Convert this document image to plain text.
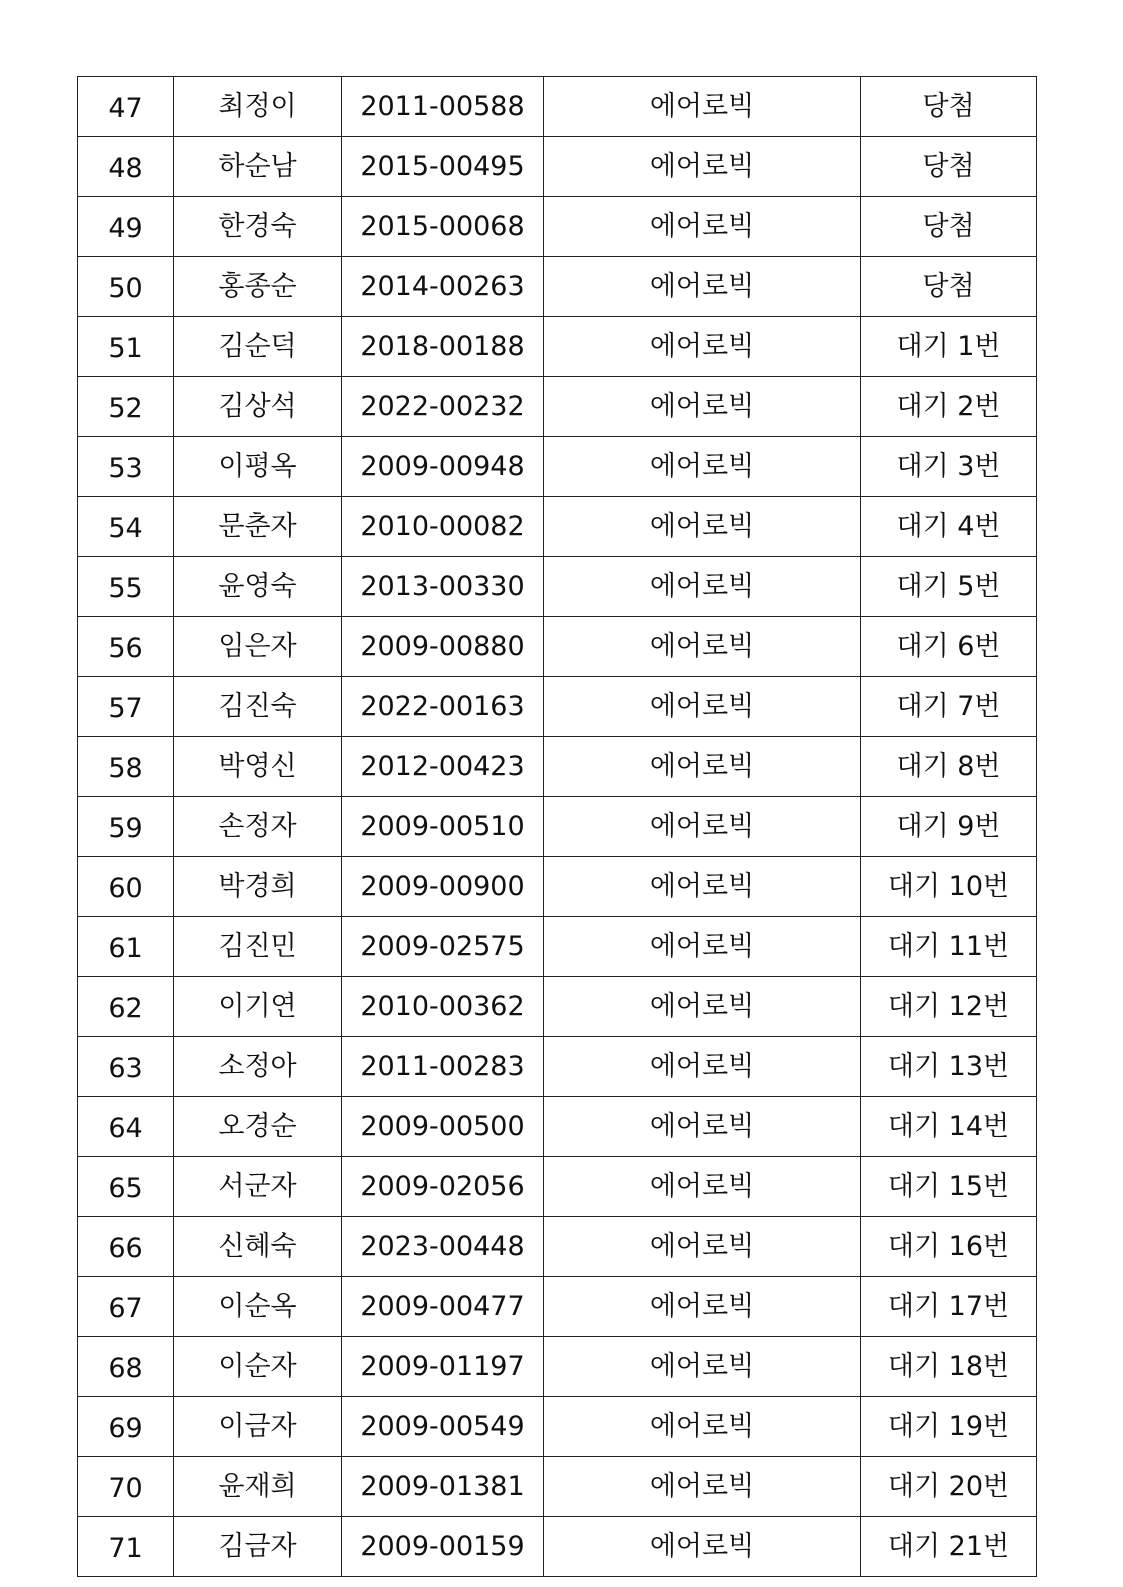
47	최정이	2011-00588	에어로빅	당첨
48	하순남	2015-00495	에어로빅	당첨
49	한경숙	2015-00068	에어로빅	당첨
50	홍종순	2014-00263	에어로빅	당첨
51	김순덕	2018-00188	에어로빅	대기 1번
52	김상석	2022-00232	에어로빅	대기 2번
53	이평옥	2009-00948	에어로빅	대기 3번
54	문춘자	2010-00082	에어로빅	대기 4번
55	윤영숙	2013-00330	에어로빅	대기 5번
56	임은자	2009-00880	에어로빅	대기 6번
57	김진숙	2022-00163	에어로빅	대기 7번
58	박영신	2012-00423	에어로빅	대기 8번
59	손정자	2009-00510	에어로빅	대기 9번
60	박경희	2009-00900	에어로빅	대기 10번
61	김진민	2009-02575	에어로빅	대기 11번
62	이기연	2010-00362	에어로빅	대기 12번
63	소정아	2011-00283	에어로빅	대기 13번
64	오경순	2009-00500	에어로빅	대기 14번
65	서군자	2009-02056	에어로빅	대기 15번
66	신혜숙	2023-00448	에어로빅	대기 16번
67	이순옥	2009-00477	에어로빅	대기 17번
68	이순자	2009-01197	에어로빅	대기 18번
69	이금자	2009-00549	에어로빅	대기 19번
70	윤재희	2009-01381	에어로빅	대기 20번
71	김금자	2009-00159	에어로빅	대기 21번
